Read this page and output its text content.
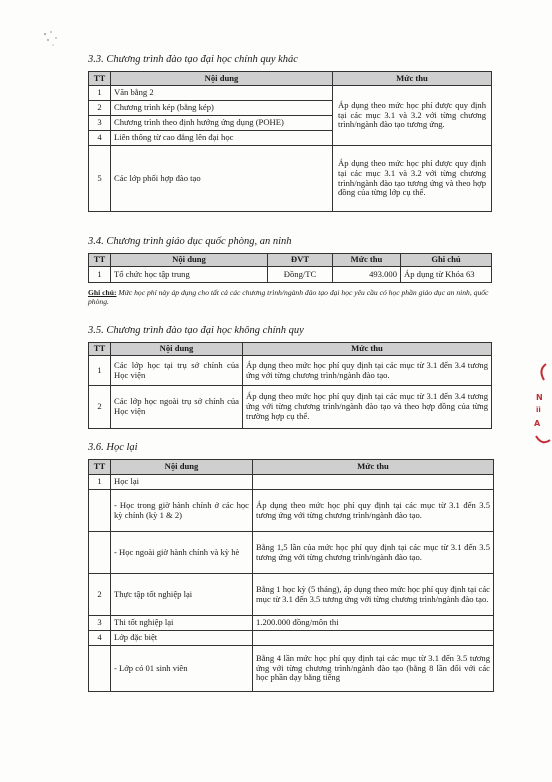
3.3. Chương trình đào tạo đại học chính quy khác
TT	Nội dung	Mức thu
1	Văn bằng 2	Áp dụng theo mức học phí được quy định tại các mục 3.1 và 3.2 với từng chương trình/ngành đào tạo tương ứng.
2	Chương trình kép (bằng kép)	
3	Chương trình theo định hướng ứng dụng (POHE)	
4	Liên thông từ cao đẳng lên đại học	
5	Các lớp phối hợp đào tạo	Áp dụng theo mức học phí được quy định tại các mục 3.1 và 3.2 với từng chương trình/ngành đào tạo tương ứng và theo hợp đồng của từng lớp cụ thể.
3.4. Chương trình giáo dục quốc phòng, an ninh
TT	Nội dung	ĐVT	Mức thu	Ghi chú
1	Tổ chức học tập trung	Đồng/TC	493.000	Áp dụng từ Khóa 63
Ghi chú: Mức học phí này áp dụng cho tất cả các chương trình/ngành đào tạo đại học yêu cầu có học phần giáo dục an ninh, quốc phòng.
3.5. Chương trình đào tạo đại học không chính quy
TT	Nội dung	Mức thu
1	Các lớp học tại trụ sở chính của Học viện	Áp dụng theo mức học phí quy định tại các mục từ 3.1 đến 3.4 tương ứng với từng chương trình/ngành đào tạo.
2	Các lớp học ngoài trụ sở chính của Học viện	Áp dụng theo mức học phí quy định tại các mục từ 3.1 đến 3.4 tương ứng với từng chương trình/ngành đào tạo và theo hợp đồng của từng trường hợp cụ thể.
3.6. Học lại
TT	Nội dung	Mức thu
1	Học lại	
	- Học trong giờ hành chính ở các học kỳ chính (kỳ 1 & 2)	Áp dụng theo mức học phí quy định tại các mục từ 3.1 đến 3.5 tương ứng với từng chương trình/ngành đào tạo.
	- Học ngoài giờ hành chính và kỳ hè	Bằng 1,5 lần của mức học phí quy định tại các mục từ 3.1 đến 3.5 tương ứng với từng chương trình/ngành đào tạo.
2	Thực tập tốt nghiệp lại	Bằng 1 học kỳ (5 tháng), áp dụng theo mức học phí quy định tại các mục từ 3.1 đến 3.5 tương ứng với từng chương trình/ngành đào tạo.
3	Thi tốt nghiệp lại	1.200.000 đồng/môn thi
4	Lớp đặc biệt	
	- Lớp có 01 sinh viên	Bằng 4 lần mức học phí quy định tại các mục từ 3.1 đến 3.5 tương ứng với từng chương trình/ngành đào tạo (bằng 8 lần đối với các học phần dạy bằng tiếng
N
ĩi
A
